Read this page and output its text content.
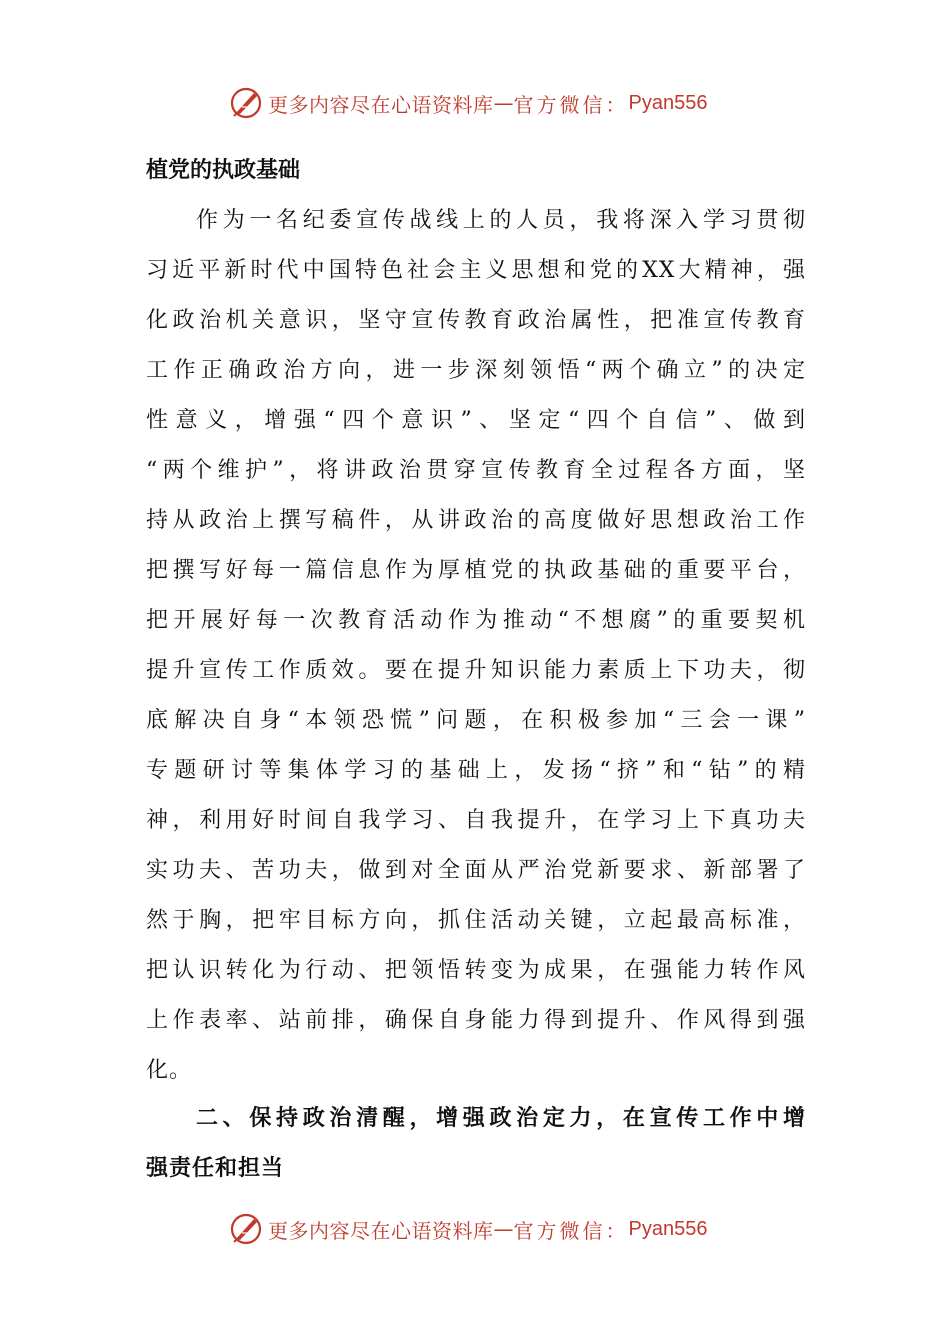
更多内容尽在心语资料库 — 官方微信： Pyan556
植党的执政基础
作为一名纪委宣传战线上的人员，我将深入学习贯彻
习近平新时代中国特色社会主义思想和党的XX大精神，强
化政治机关意识，坚守宣传教育政治属性，把准宣传教育
工作正确政治方向，进一步深刻领悟“两个确立”的决定
性意义，增强“四个意识”、坚定“四个自信”、做到
“两个维护”，将讲政治贯穿宣传教育全过程各方面，坚
持从政治上撰写稿件，从讲政治的高度做好思想政治工作
把撰写好每一篇信息作为厚植党的执政基础的重要平台，
把开展好每一次教育活动作为推动“不想腐”的重要契机
提升宣传工作质效。要在提升知识能力素质上下功夫，彻
底解决自身“本领恐慌”问题，在积极参加“三会一课”
专题研讨等集体学习的基础上，发扬“挤”和“钻”的精
神，利用好时间自我学习、自我提升，在学习上下真功夫
实功夫、苦功夫，做到对全面从严治党新要求、新部署了
然于胸，把牢目标方向，抓住活动关键，立起最高标准，
把认识转化为行动、把领悟转变为成果，在强能力转作风
上作表率、站前排，确保自身能力得到提升、作风得到强
化。
二、保持政治清醒，增强政治定力，在宣传工作中增
强责任和担当
更多内容尽在心语资料库 — 官方微信： Pyan556
